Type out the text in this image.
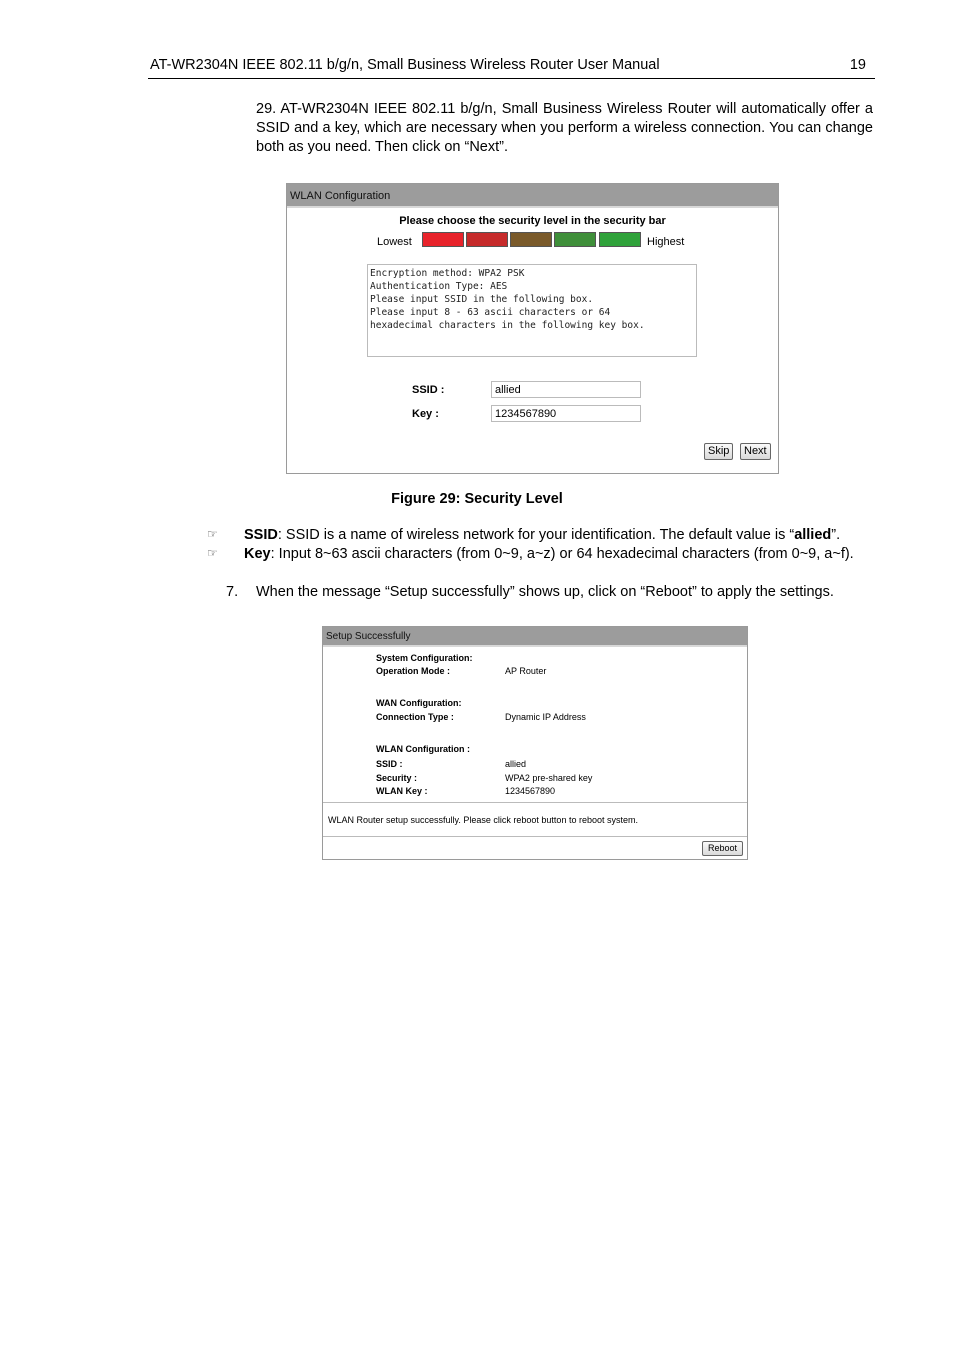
AT-WR2304N IEEE 802.11 b/g/n, Small Business Wireless Router User Manual	19
29. AT-WR2304N IEEE 802.11 b/g/n, Small Business Wireless Router will automatically offer a SSID and a key, which are necessary when you perform a wireless connection. You can change both as you need. Then click on “Next”.
WLAN Configuration
Please choose the security level in the security bar
Lowest	Highest
Encryption method: WPA2 PSK
Authentication Type: AES
Please input SSID in the following box.
Please input 8 - 63 ascii characters or 64
hexadecimal characters in the following key box.
SSID :	allied
Key :	1234567890
Skip	Next
Figure 29: Security Level
☞ SSID: SSID is a name of wireless network for your identification. The default value is “allied”.
☞ Key: Input 8~63 ascii characters (from 0~9, a~z) or 64 hexadecimal characters (from 0~9, a~f).
7. When the message “Setup successfully” shows up, click on “Reboot” to apply the settings.
Setup Successfully
System Configuration:
Operation Mode :	AP Router
WAN Configuration:
Connection Type :	Dynamic IP Address
WLAN Configuration :
SSID :	allied
Security :	WPA2 pre-shared key
WLAN Key :	1234567890
WLAN Router setup successfully. Please click reboot button to reboot system.
Reboot
